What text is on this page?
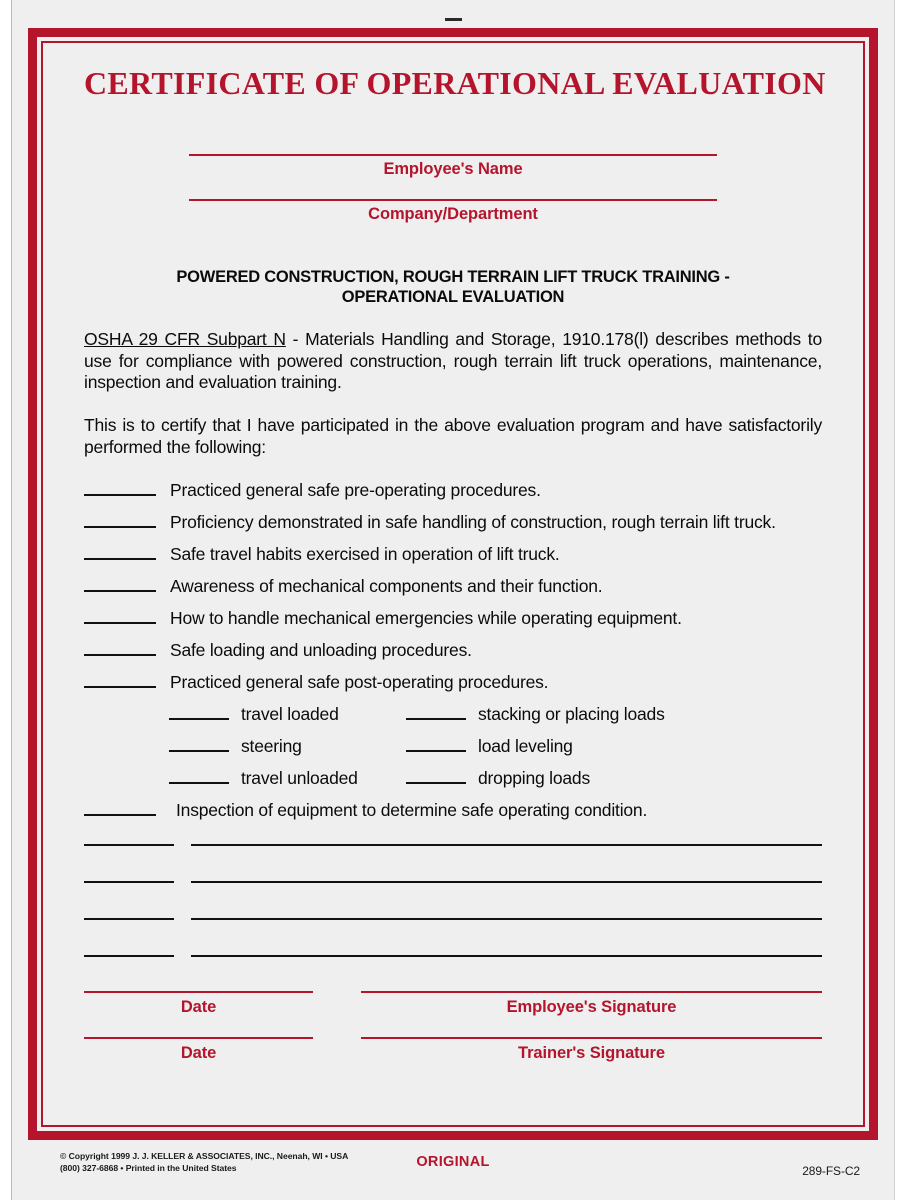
CERTIFICATE OF OPERATIONAL EVALUATION
Employee's Name
Company/Department
POWERED CONSTRUCTION, ROUGH TERRAIN LIFT TRUCK TRAINING -
OPERATIONAL EVALUATION

OSHA 29 CFR Subpart N - Materials Handling and Storage, 1910.178(l) describes methods to use for compliance with powered construction, rough terrain lift truck operations, maintenance, inspection and evaluation training.

This is to certify that I have participated in the above evaluation program and have satisfactorily performed the following:

Practiced general safe pre-operating procedures.
Proficiency demonstrated in safe handling of construction, rough terrain lift truck.
Safe travel habits exercised in operation of lift truck.
Awareness of mechanical components and their function.
How to handle mechanical emergencies while operating equipment.
Safe loading and unloading procedures.
Practiced general safe post-operating procedures.
travel loaded	stacking or placing loads
steering	load leveling
travel unloaded	dropping loads
Inspection of equipment to determine safe operating condition.
Date	Employee's Signature
Date	Trainer's Signature
© Copyright 1999 J. J. KELLER & ASSOCIATES, INC., Neenah, WI • USA
(800) 327-6868 • Printed in the United States	ORIGINAL
289-FS-C2
